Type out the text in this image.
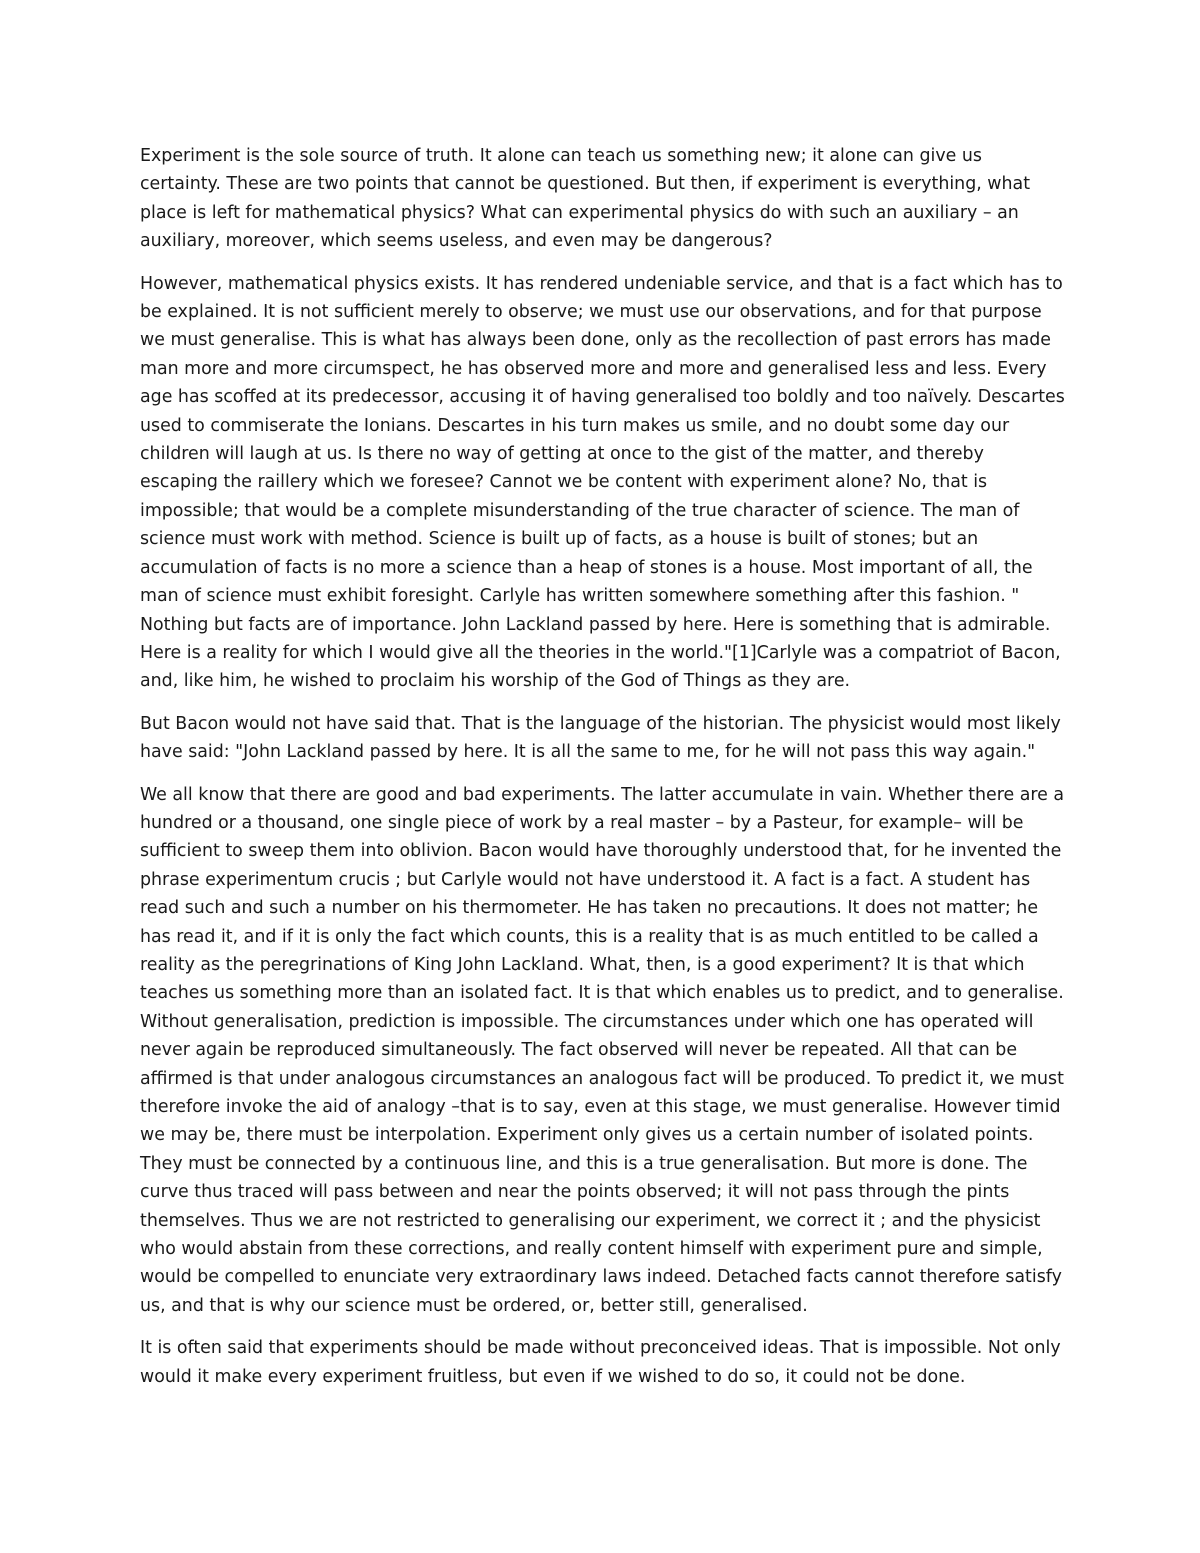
Experiment is the sole source of truth. It alone can teach us something new; it alone can give us certainty. These are two points that cannot be questioned. But then, if experiment is everything, what place is left for mathematical physics? What can experimental physics do with such an auxiliary – an auxiliary, moreover, which seems useless, and even may be dangerous?

However, mathematical physics exists. It has rendered undeniable service, and that is a fact which has to be explained. It is not sufficient merely to observe; we must use our observations, and for that purpose we must generalise. This is what has always been done, only as the recollection of past errors has made man more and more circumspect, he has observed more and more and generalised less and less. Every age has scoffed at its predecessor, accusing it of having generalised too boldly and too naïvely. Descartes used to commiserate the Ionians. Descartes in his turn makes us smile, and no doubt some day our children will laugh at us. Is there no way of getting at once to the gist of the matter, and thereby escaping the raillery which we foresee? Cannot we be content with experiment alone? No, that is impossible; that would be a complete misunderstanding of the true character of science. The man of science must work with method. Science is built up of facts, as a house is built of stones; but an accumulation of facts is no more a science than a heap of stones is a house. Most important of all, the man of science must exhibit foresight. Carlyle has written somewhere something after this fashion. " Nothing but facts are of importance. John Lackland passed by here. Here is something that is admirable. Here is a reality for which I would give all the theories in the world."[1]Carlyle was a compatriot of Bacon, and, like him, he wished to proclaim his worship of the God of Things as they are.

But Bacon would not have said that. That is the language of the historian. The physicist would most likely have said: "John Lackland passed by here. It is all the same to me, for he will not pass this way again."

We all know that there are good and bad experiments. The latter accumulate in vain. Whether there are a hundred or a thousand, one single piece of work by a real master – by a Pasteur, for example– will be sufficient to sweep them into oblivion. Bacon would have thoroughly understood that, for he invented the phrase experimentum crucis ; but Carlyle would not have understood it. A fact is a fact. A student has read such and such a number on his thermometer. He has taken no precautions. It does not matter; he has read it, and if it is only the fact which counts, this is a reality that is as much entitled to be called a reality as the peregrinations of King John Lackland. What, then, is a good experiment? It is that which teaches us something more than an isolated fact. It is that which enables us to predict, and to generalise. Without generalisation, prediction is impossible. The circumstances under which one has operated will never again be reproduced simultaneously. The fact observed will never be repeated. All that can be affirmed is that under analogous circumstances an analogous fact will be produced. To predict it, we must therefore invoke the aid of analogy –that is to say, even at this stage, we must generalise. However timid we may be, there must be interpolation. Experiment only gives us a certain number of isolated points. They must be connected by a continuous line, and this is a true generalisation. But more is done. The curve thus traced will pass between and near the points observed; it will not pass through the pints themselves. Thus we are not restricted to generalising our experiment, we correct it ; and the physicist who would abstain from these corrections, and really content himself with experiment pure and simple, would be compelled to enunciate very extraordinary laws indeed. Detached facts cannot therefore satisfy us, and that is why our science must be ordered, or, better still, generalised.

It is often said that experiments should be made without preconceived ideas. That is impossible. Not only would it make every experiment fruitless, but even if we wished to do so, it could not be done.
